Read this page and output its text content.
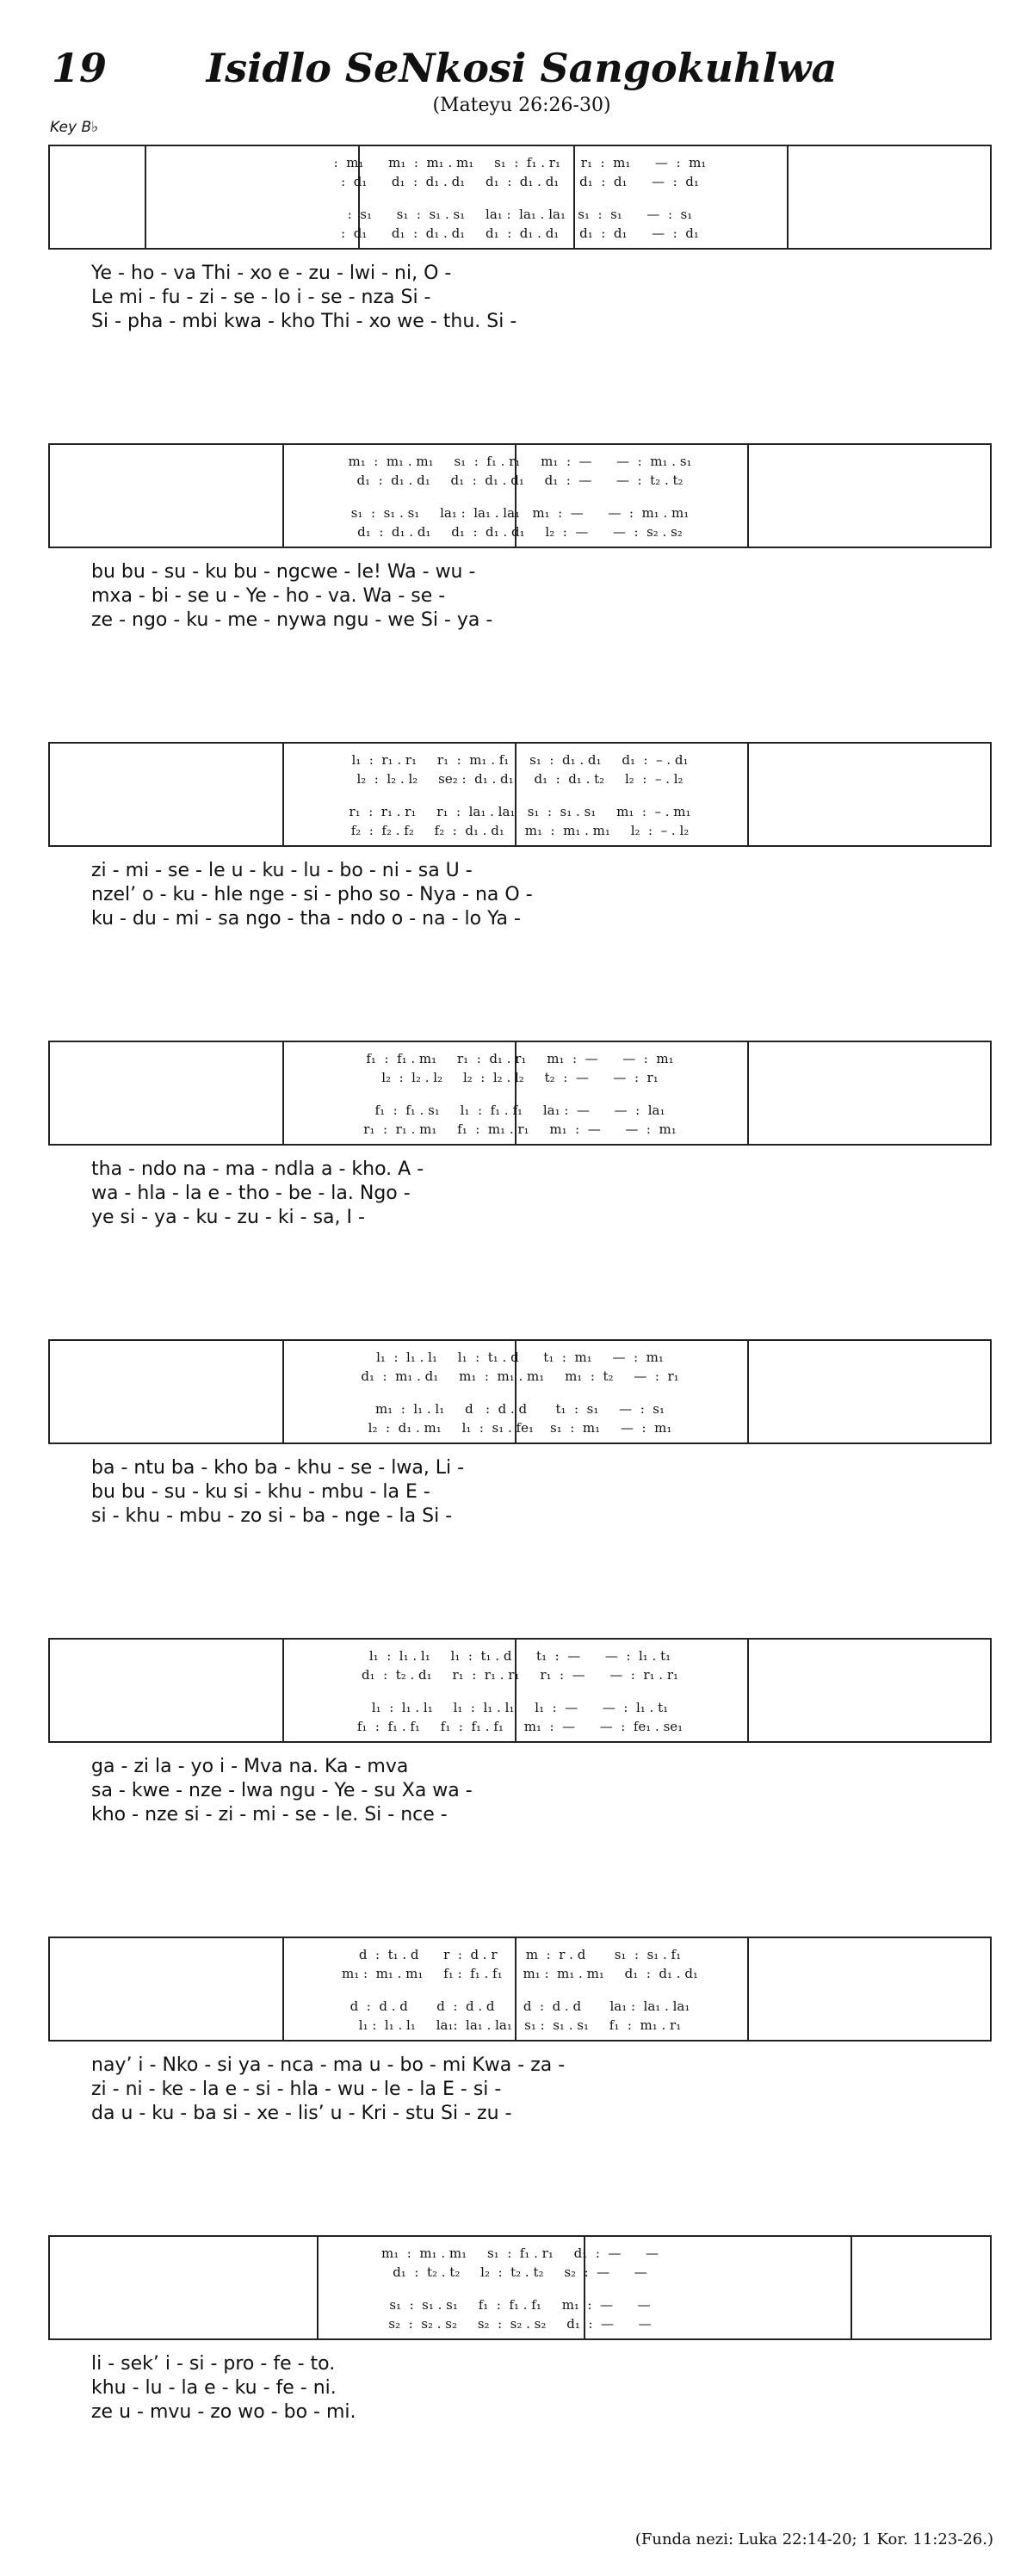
19	Isidlo SeNkosi Sangokuhlwa
(Mateyu 26:26-30)
Key B♭
:  m₁      m₁  :  m₁ . m₁     s₁  :  f₁ . r₁     r₁  :  m₁      —  :  m₁
:  d₁      d₁  :  d₁ . d₁     d₁  :  d₁ . d₁     d₁  :  d₁      —  :  d₁
:  s₁      s₁  :  s₁ . s₁     la₁ :  la₁ . la₁   s₁  :  s₁      —  :  s₁
:  d₁      d₁  :  d₁ . d₁     d₁  :  d₁ . d₁     d₁  :  d₁      —  :  d₁
Ye - ho - va Thi - xo e - zu - lwi - ni, O -
Le mi - fu - zi - se - lo i - se - nza Si -
Si - pha - mbi kwa - kho Thi - xo we - thu. Si -
m₁  :  m₁ . m₁     s₁  :  f₁ . r₁     m₁  :  —      —  :  m₁ . s₁
d₁  :  d₁ . d₁     d₁  :  d₁ . d₁     d₁  :  —      —  :  t₂ . t₂
s₁  :  s₁ . s₁     la₁ :  la₁ . la₁   m₁  :  —      —  :  m₁ . m₁
d₁  :  d₁ . d₁     d₁  :  d₁ . d₁     l₂  :  —      —  :  s₂ . s₂
bu bu - su - ku bu - ngcwe - le! Wa - wu -
mxa - bi - se u - Ye - ho - va. Wa - se -
ze - ngo - ku - me - nywa ngu - we Si - ya -
l₁  :  r₁ . r₁     r₁  :  m₁ . f₁     s₁  :  d₁ . d₁     d₁  :  – . d₁
l₂  :  l₂ . l₂     se₂ :  d₁ . d₁     d₁  :  d₁ . t₂     l₂  :  – . l₂
r₁  :  r₁ . r₁     r₁  :  la₁ . la₁   s₁  :  s₁ . s₁     m₁  :  – . m₁
f₂  :  f₂ . f₂     f₂  :  d₁ . d₁     m₁  :  m₁ . m₁     l₂  :  – . l₂
zi - mi - se - le u - ku - lu - bo - ni - sa U -
nzel’ o - ku - hle nge - si - pho so - Nya - na O -
ku - du - mi - sa ngo - tha - ndo o - na - lo Ya -
f₁  :  f₁ . m₁     r₁  :  d₁ . r₁     m₁  :  —      —  :  m₁
l₂  :  l₂ . l₂     l₂  :  l₂ . l₂     t₂  :  —      —  :  r₁
f₁  :  f₁ . s₁     l₁  :  f₁ . f₁     la₁ :  —      —  :  la₁
r₁  :  r₁ . m₁     f₁  :  m₁ . r₁     m₁  :  —      —  :  m₁
tha - ndo na - ma - ndla a - kho. A -
wa - hla - la e - tho - be - la. Ngo -
ye si - ya - ku - zu - ki - sa, I -
l₁  :  l₁ . l₁     l₁  :  t₁ . d      t₁  :  m₁     —  :  m₁
d₁  :  m₁ . d₁     m₁  :  m₁ . m₁     m₁  :  t₂     —  :  r₁
m₁  :  l₁ . l₁     d   :  d . d       t₁  :  s₁     —  :  s₁
l₂  :  d₁ . m₁     l₁  :  s₁ . fe₁    s₁  :  m₁     —  :  m₁
ba - ntu ba - kho ba - khu - se - lwa, Li -
bu bu - su - ku si - khu - mbu - la E -
si - khu - mbu - zo si - ba - nge - la Si -
l₁  :  l₁ . l₁     l₁  :  t₁ . d      t₁  :  —      —  :  l₁ . t₁
d₁  :  t₂ . d₁     r₁  :  r₁ . r₁     r₁  :  —      —  :  r₁ . r₁
l₁  :  l₁ . l₁     l₁  :  l₁ . l₁     l₁  :  —      —  :  l₁ . t₁
f₁  :  f₁ . f₁     f₁  :  f₁ . f₁     m₁  :  —      —  :  fe₁ . se₁
ga - zi la - yo i - Mva na. Ka - mva
sa - kwe - nze - lwa ngu - Ye - su Xa wa -
kho - nze si - zi - mi - se - le. Si - nce -
d  :  t₁ . d      r  :  d . r       m  :  r . d       s₁  :  s₁ . f₁
m₁ :  m₁ . m₁     f₁ :  f₁ . f₁     m₁ :  m₁ . m₁     d₁  :  d₁ . d₁
d  :  d . d       d  :  d . d       d  :  d . d       la₁ :  la₁ . la₁
l₁ :  l₁ . l₁     la₁:  la₁ . la₁   s₁ :  s₁ . s₁     f₁  :  m₁ . r₁
nay’ i - Nko - si ya - nca - ma u - bo - mi Kwa - za -
zi - ni - ke - la e - si - hla - wu - le - la E - si -
da u - ku - ba si - xe - lis’ u - Kri - stu Si - zu -
m₁  :  m₁ . m₁     s₁  :  f₁ . r₁     d₁  :  —      —
d₁  :  t₂ . t₂     l₂  :  t₂ . t₂     s₂  :  —      —
s₁  :  s₁ . s₁     f₁  :  f₁ . f₁     m₁  :  —      —
s₂  :  s₂ . s₂     s₂  :  s₂ . s₂     d₁  :  —      —
li - sek’ i - si - pro - fe - to.
khu - lu - la e - ku - fe - ni.
ze u - mvu - zo wo - bo - mi.
(Funda nezi: Luka 22:14-20; 1 Kor. 11:23-26.)
